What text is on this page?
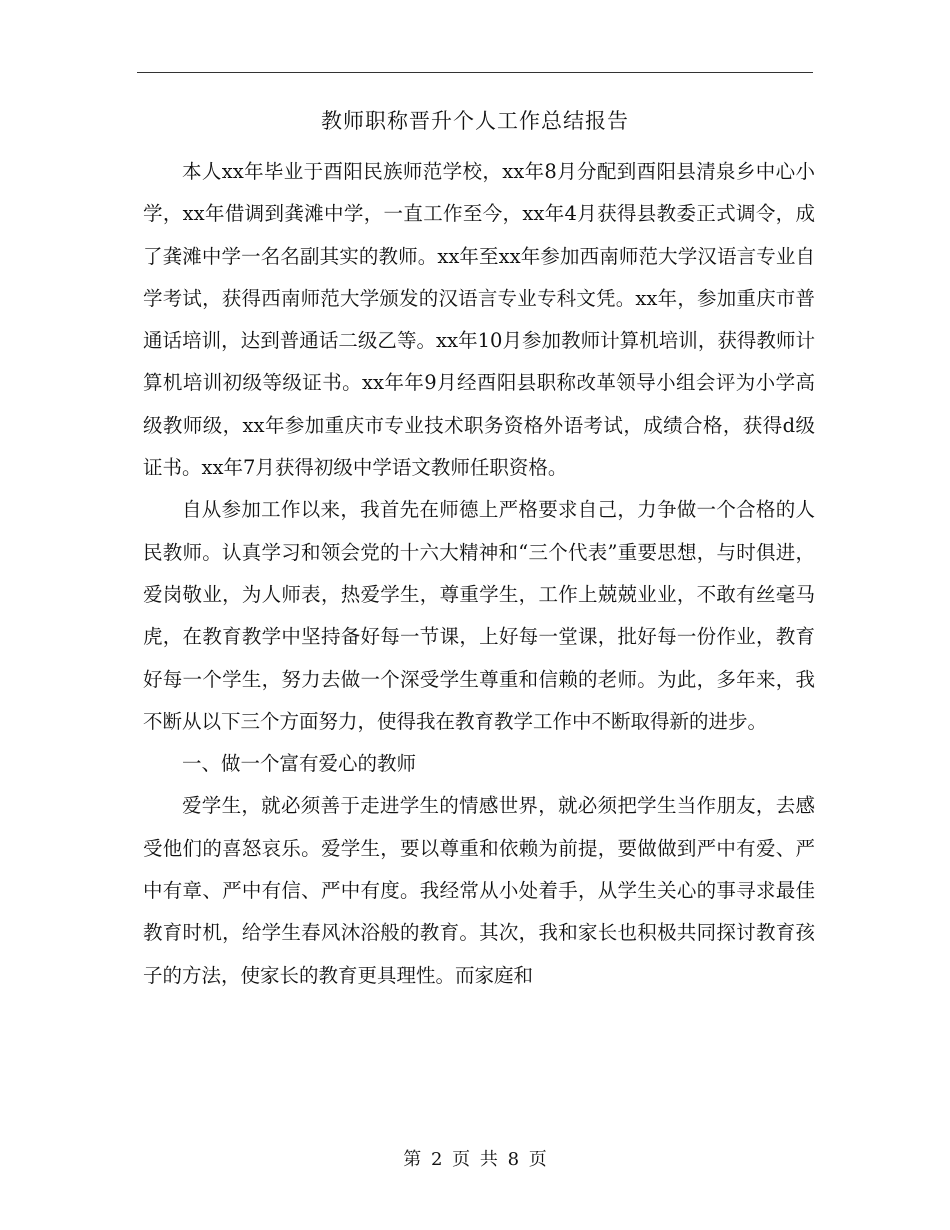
教师职称晋升个人工作总结报告

本人xx年毕业于酉阳民族师范学校，xx年8月分配到酉阳县清泉乡中心小学，xx年借调到龚滩中学，一直工作至今，xx年4月获得县教委正式调令，成了龚滩中学一名名副其实的教师。xx年至xx年参加西南师范大学汉语言专业自学考试，获得西南师范大学颁发的汉语言专业专科文凭。xx年，参加重庆市普通话培训，达到普通话二级乙等。xx年10月参加教师计算机培训，获得教师计算机培训初级等级证书。xx年年9月经酉阳县职称改革领导小组会评为小学高级教师级，xx年参加重庆市专业技术职务资格外语考试，成绩合格，获得d级证书。xx年7月获得初级中学语文教师任职资格。

自从参加工作以来，我首先在师德上严格要求自己，力争做一个合格的人民教师。认真学习和领会党的十六大精神和“三个代表”重要思想，与时俱进，爱岗敬业，为人师表，热爱学生，尊重学生，工作上兢兢业业，不敢有丝毫马虎，在教育教学中坚持备好每一节课，上好每一堂课，批好每一份作业，教育好每一个学生，努力去做一个深受学生尊重和信赖的老师。为此，多年来，我不断从以下三个方面努力，使得我在教育教学工作中不断取得新的进步。

一、做一个富有爱心的教师

爱学生，就必须善于走进学生的情感世界，就必须把学生当作朋友，去感受他们的喜怒哀乐。爱学生，要以尊重和依赖为前提，要做做到严中有爱、严中有章、严中有信、严中有度。我经常从小处着手，从学生关心的事寻求最佳教育时机，给学生春风沐浴般的教育。其次，我和家长也积极共同探讨教育孩子的方法，使家长的教育更具理性。而家庭和

第 2 页 共 8 页
